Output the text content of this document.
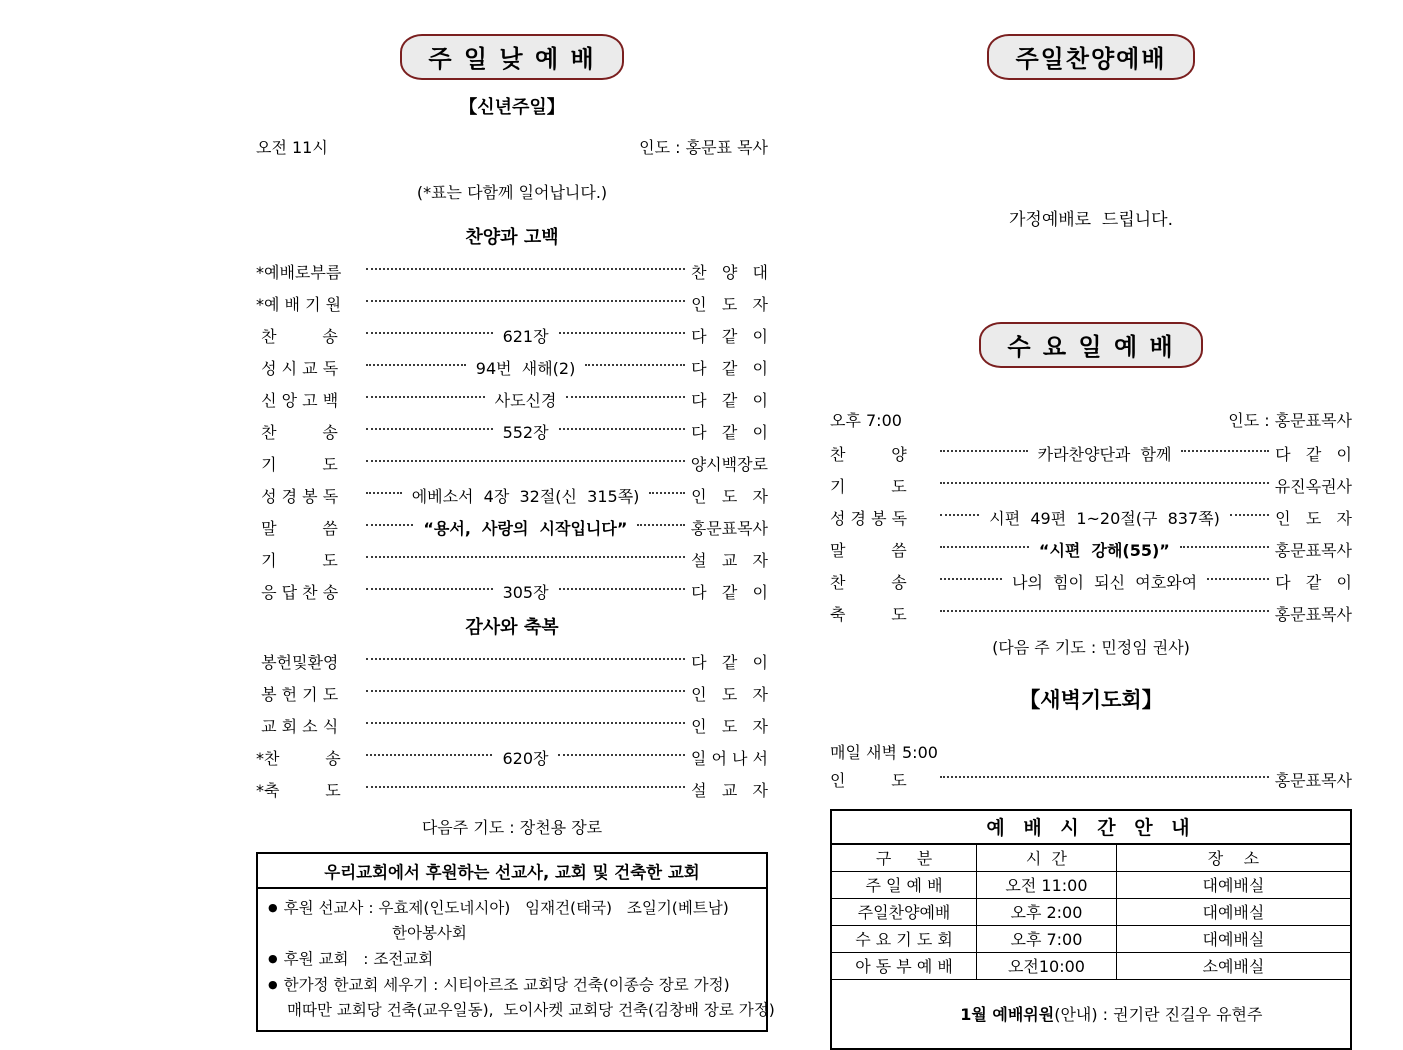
주 일 낮 예 배
【신년주일】
오전 11시	인도 : 홍문표 목사
(*표는 다함께 일어납니다.)
찬양과 고백
*예배로부름	찬   양   대
*예 배 기 원	인   도   자
찬         송	621장	다   같   이
성 시 교 독	94번  새해(2)	다   같   이
신 앙 고 백	사도신경	다   같   이
찬         송	552장	다   같   이
기         도	양시백장로
성 경 봉 독	에베소서  4장  32절(신  315쪽)	인   도   자
말         씀	“용서,  사랑의  시작입니다”	홍문표목사
기         도	설   교   자
응 답 찬 송	305장	다   같   이
감사와 축복
봉헌및환영	다   같   이
봉 헌 기 도	인   도   자
교 회 소 식	인   도   자
*찬         송	620장	일 어 나 서
*축         도	설   교   자
다음주 기도 : 장천용 장로
우리교회에서 후원하는 선교사, 교회 및 건축한 교회
● 후원 선교사 : 우효제(인도네시아)   임재건(태국)   조일기(베트남)
한아봉사회
● 후원 교회   : 조전교회
● 한가정 한교회 세우기 : 시티아르조 교회당 건축(이종승 장로 가정)
매따만 교회당 건축(교우일동),  도이사켓 교회당 건축(김창배 장로 가정)
주일찬양예배
가정예배로  드립니다.
수 요 일 예 배
오후 7:00	인도 : 홍문표목사
찬         양	카라찬양단과  함께	다   같   이
기         도	유진옥권사
성 경 봉 독	시편  49편  1~20절(구  837쪽)	인   도   자
말         씀	“시편  강해(55)”	홍문표목사
찬         송	나의  힘이  되신  여호와여	다   같   이
축         도	홍문표목사
(다음 주 기도 : 민정임 권사)
【새벽기도회】
매일 새벽 5:00
인         도	홍문표목사
예 배 시 간 안 내
구     분	시  간	장    소
주 일 예 배	오전 11:00	대예배실
주일찬양예배	오후 2:00	대예배실
수 요 기 도 회	오후 7:00	대예배실
아 동 부 예 배	오전10:00	소예배실

1월 예배위원(안내) : 권기란 진길우 유현주
